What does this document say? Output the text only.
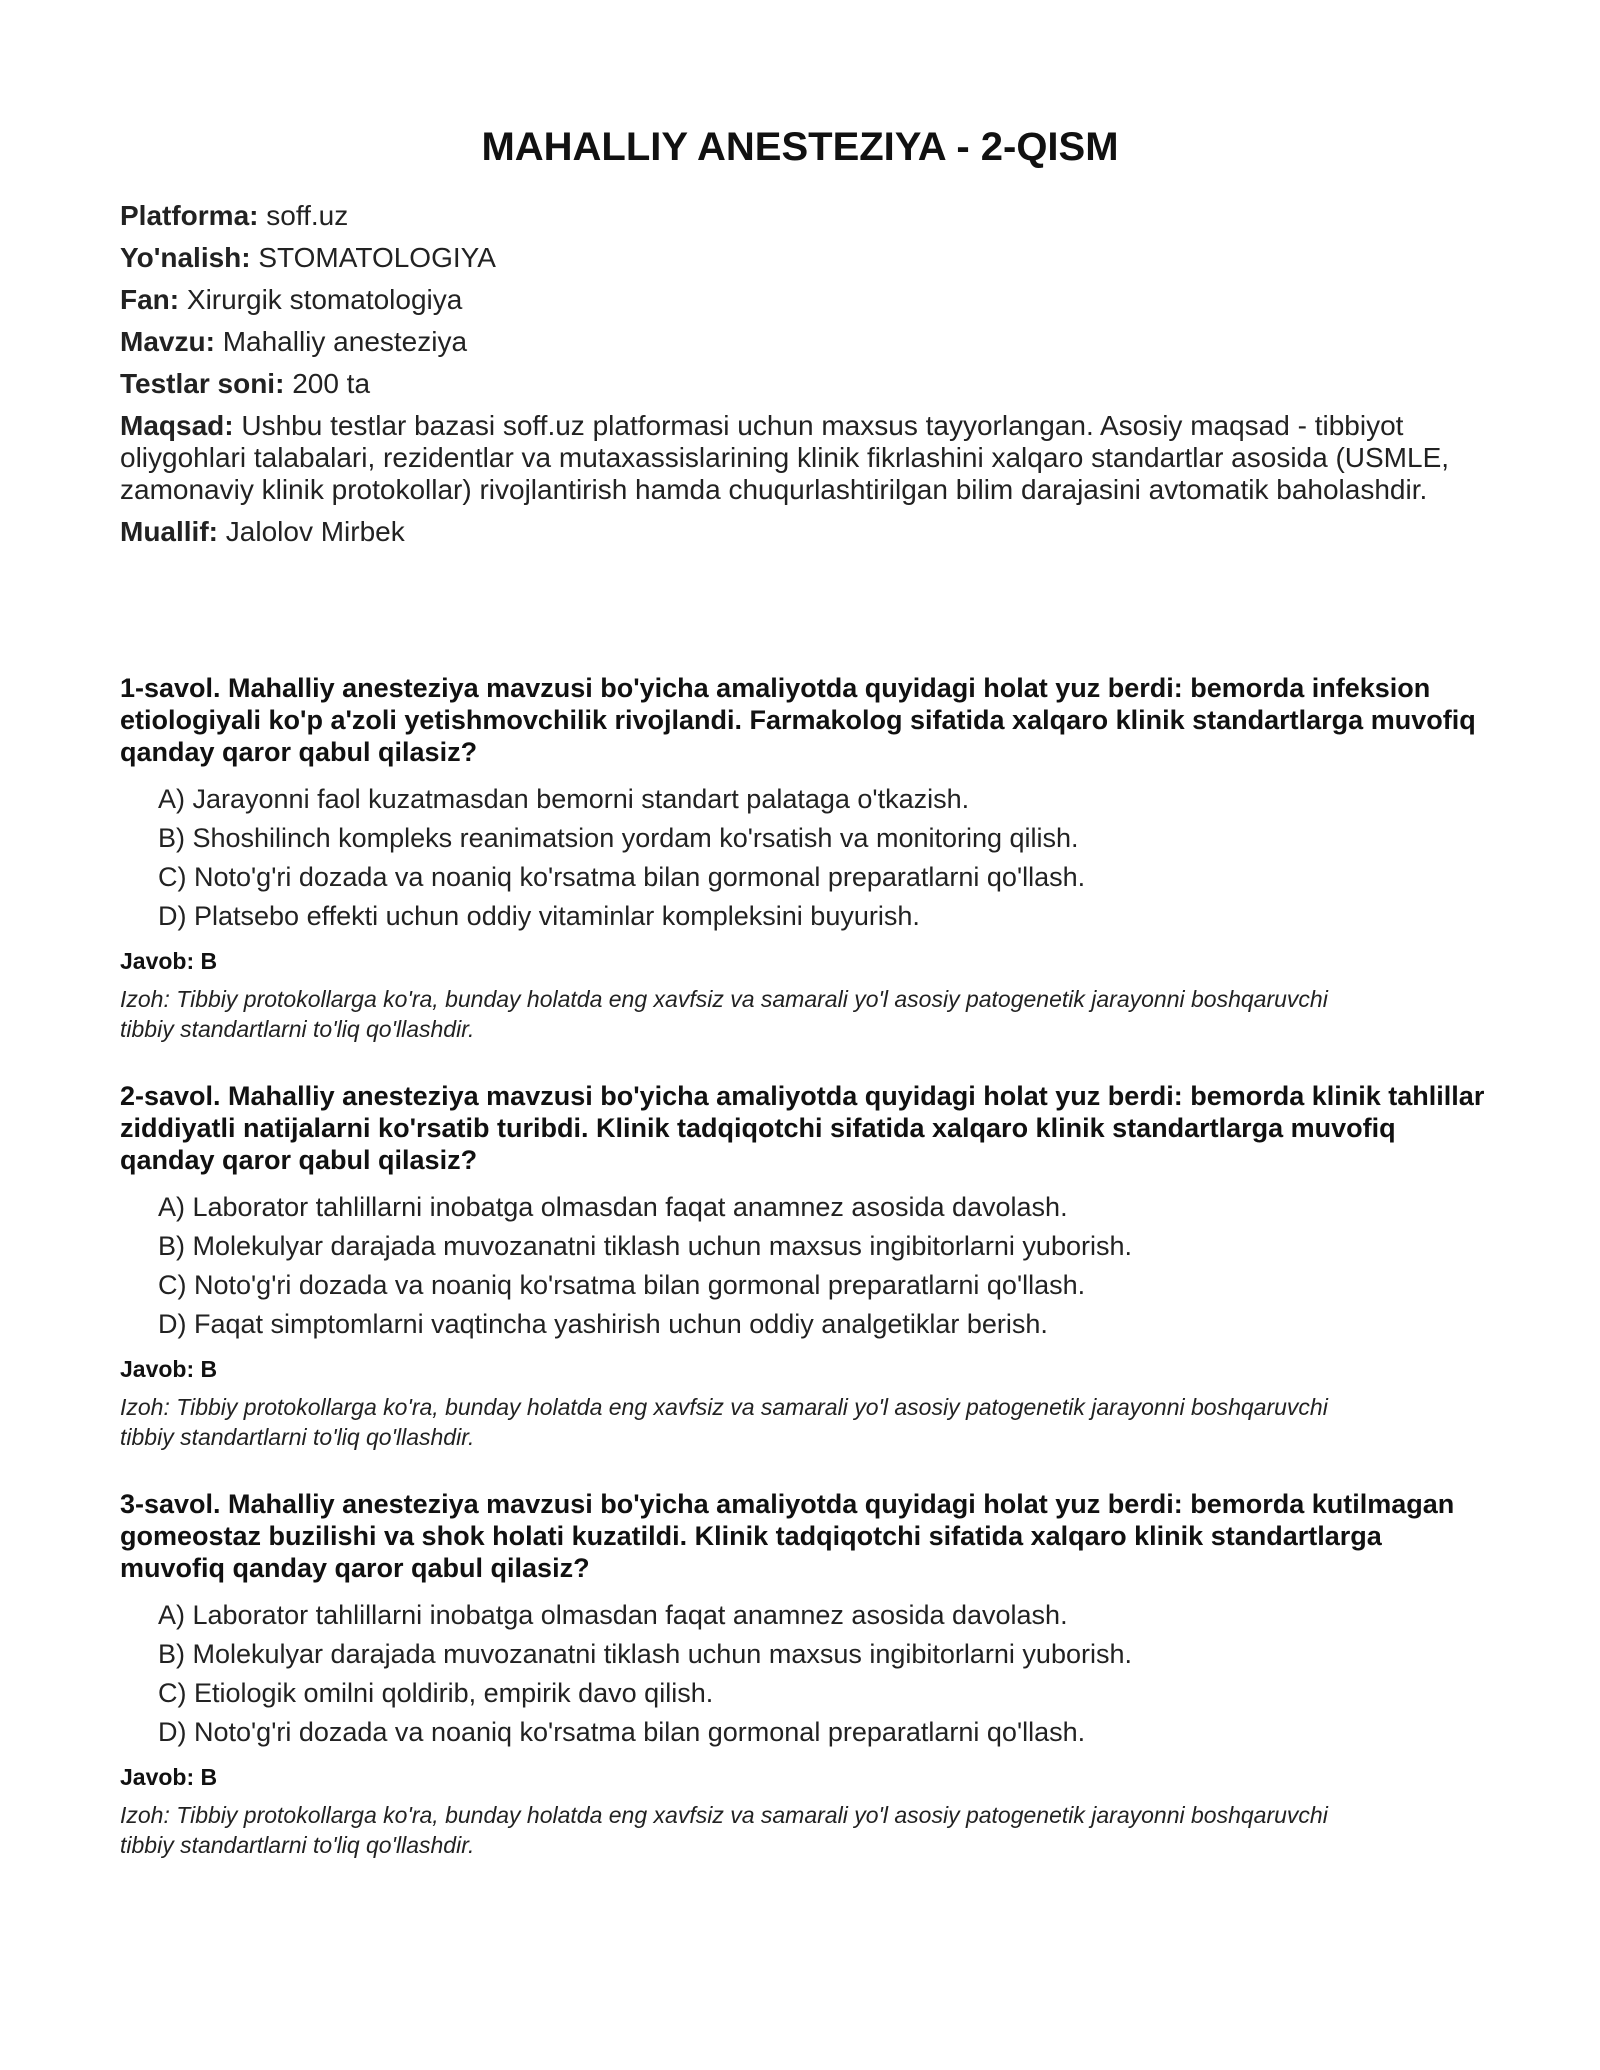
MAHALLIY ANESTEZIYA - 2-QISM

Platforma: soff.uz

Yo'nalish: STOMATOLOGIYA

Fan: Xirurgik stomatologiya

Mavzu: Mahalliy anesteziya

Testlar soni: 200 ta

Maqsad: Ushbu testlar bazasi soff.uz platformasi uchun maxsus tayyorlangan. Asosiy maqsad - tibbiyot oliygohlari talabalari, rezidentlar va mutaxassislarining klinik fikrlashini xalqaro standartlar asosida (USMLE, zamonaviy klinik protokollar) rivojlantirish hamda chuqurlashtirilgan bilim darajasini avtomatik baholashdir.

Muallif: Jalolov Mirbek

1-savol. Mahalliy anesteziya mavzusi bo'yicha amaliyotda quyidagi holat yuz berdi: bemorda infeksion etiologiyali ko'p a'zoli yetishmovchilik rivojlandi. Farmakolog sifatida xalqaro klinik standartlarga muvofiq qanday qaror qabul qilasiz?

A) Jarayonni faol kuzatmasdan bemorni standart palataga o'tkazish.
B) Shoshilinch kompleks reanimatsion yordam ko'rsatish va monitoring qilish.
C) Noto'g'ri dozada va noaniq ko'rsatma bilan gormonal preparatlarni qo'llash.
D) Platsebo effekti uchun oddiy vitaminlar kompleksini buyurish.

Javob: B

Izoh: Tibbiy protokollarga ko'ra, bunday holatda eng xavfsiz va samarali yo'l asosiy patogenetik jarayonni boshqaruvchi tibbiy standartlarni to'liq qo'llashdir.

2-savol. Mahalliy anesteziya mavzusi bo'yicha amaliyotda quyidagi holat yuz berdi: bemorda klinik tahlillar ziddiyatli natijalarni ko'rsatib turibdi. Klinik tadqiqotchi sifatida xalqaro klinik standartlarga muvofiq qanday qaror qabul qilasiz?

A) Laborator tahlillarni inobatga olmasdan faqat anamnez asosida davolash.
B) Molekulyar darajada muvozanatni tiklash uchun maxsus ingibitorlarni yuborish.
C) Noto'g'ri dozada va noaniq ko'rsatma bilan gormonal preparatlarni qo'llash.
D) Faqat simptomlarni vaqtincha yashirish uchun oddiy analgetiklar berish.

Javob: B

Izoh: Tibbiy protokollarga ko'ra, bunday holatda eng xavfsiz va samarali yo'l asosiy patogenetik jarayonni boshqaruvchi tibbiy standartlarni to'liq qo'llashdir.

3-savol. Mahalliy anesteziya mavzusi bo'yicha amaliyotda quyidagi holat yuz berdi: bemorda kutilmagan gomeostaz buzilishi va shok holati kuzatildi. Klinik tadqiqotchi sifatida xalqaro klinik standartlarga muvofiq qanday qaror qabul qilasiz?

A) Laborator tahlillarni inobatga olmasdan faqat anamnez asosida davolash.
B) Molekulyar darajada muvozanatni tiklash uchun maxsus ingibitorlarni yuborish.
C) Etiologik omilni qoldirib, empirik davo qilish.
D) Noto'g'ri dozada va noaniq ko'rsatma bilan gormonal preparatlarni qo'llash.

Javob: B

Izoh: Tibbiy protokollarga ko'ra, bunday holatda eng xavfsiz va samarali yo'l asosiy patogenetik jarayonni boshqaruvchi tibbiy standartlarni to'liq qo'llashdir.
